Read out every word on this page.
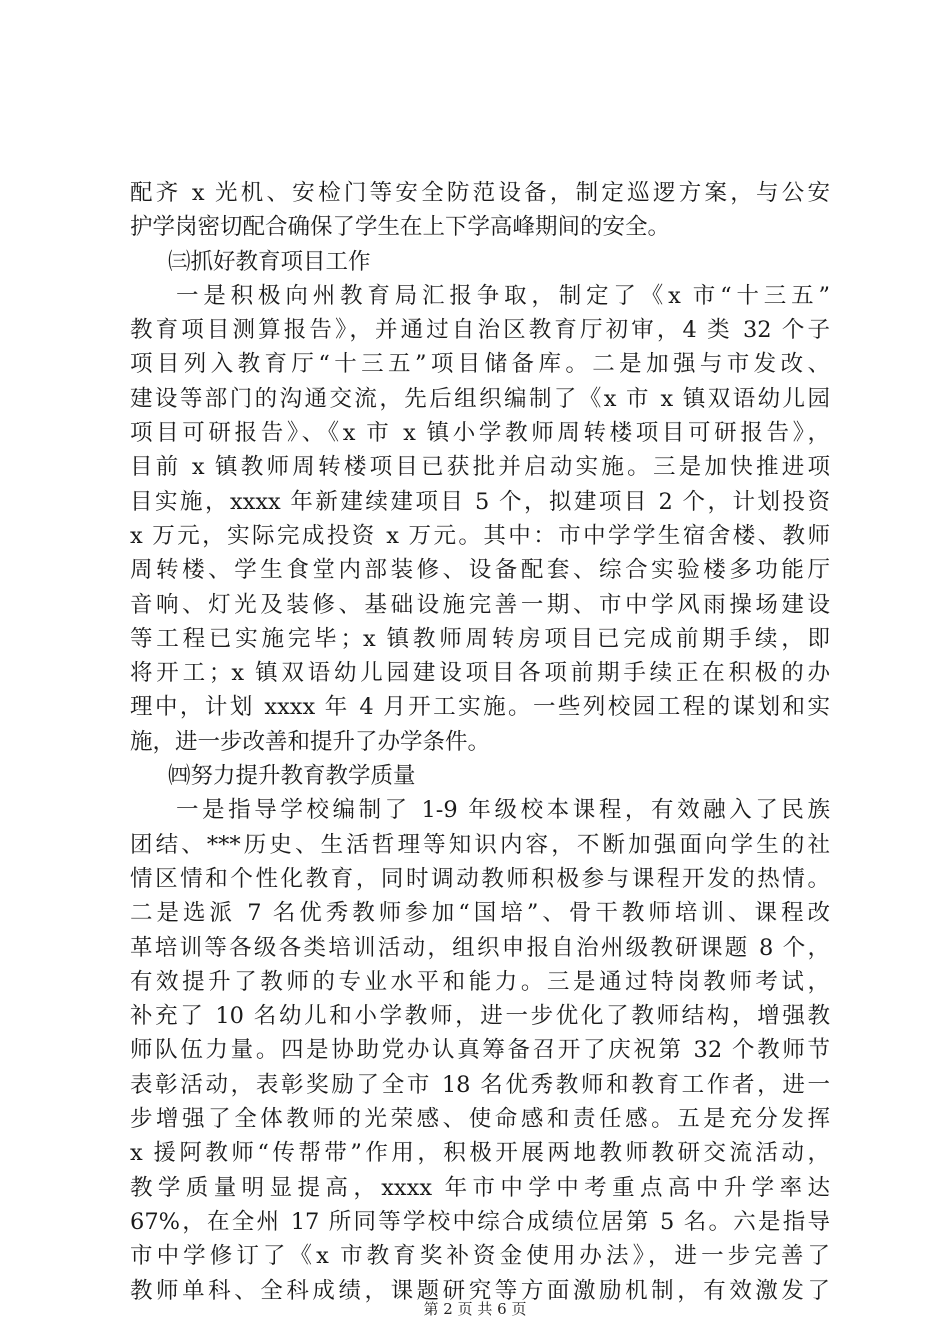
配齐 x 光机、安检门等安全防范设备，制定巡逻方案，与公安
护学岗密切配合确保了学生在上下学高峰期间的安全。
㈢抓好教育项目工作
一是积极向州教育局汇报争取，制定了《x 市“十三五”
教育项目测算报告》，并通过自治区教育厅初审，4 类 32 个子
项目列入教育厅“十三五”项目储备库。二是加强与市发改、
建设等部门的沟通交流，先后组织编制了《x 市 x 镇双语幼儿园
项目可研报告》、《x 市 x 镇小学教师周转楼项目可研报告》，
目前 x 镇教师周转楼项目已获批并启动实施。三是加快推进项
目实施，xxxx 年新建续建项目 5 个，拟建项目 2 个，计划投资
x 万元，实际完成投资 x 万元。其中：市中学学生宿舍楼、教师
周转楼、学生食堂内部装修、设备配套、综合实验楼多功能厅
音响、灯光及装修、基础设施完善一期、市中学风雨操场建设
等工程已实施完毕；x 镇教师周转房项目已完成前期手续，即
将开工；x 镇双语幼儿园建设项目各项前期手续正在积极的办
理中，计划 xxxx 年 4 月开工实施。一些列校园工程的谋划和实
施，进一步改善和提升了办学条件。
㈣努力提升教育教学质量
一是指导学校编制了 1-9 年级校本课程，有效融入了民族
团结、***历史、生活哲理等知识内容，不断加强面向学生的社
情区情和个性化教育，同时调动教师积极参与课程开发的热情。
二是选派 7 名优秀教师参加“国培”、骨干教师培训、课程改
革培训等各级各类培训活动，组织申报自治州级教研课题 8 个，
有效提升了教师的专业水平和能力。三是通过特岗教师考试，
补充了 10 名幼儿和小学教师，进一步优化了教师结构，增强教
师队伍力量。四是协助党办认真筹备召开了庆祝第 32 个教师节
表彰活动，表彰奖励了全市 18 名优秀教师和教育工作者，进一
步增强了全体教师的光荣感、使命感和责任感。五是充分发挥
x 援阿教师“传帮带”作用，积极开展两地教师教研交流活动，
教学质量明显提高，xxxx 年市中学中考重点高中升学率达
67%，在全州 17 所同等学校中综合成绩位居第 5 名。六是指导
市中学修订了《x 市教育奖补资金使用办法》，进一步完善了
教师单科、全科成绩，课题研究等方面激励机制，有效激发了
第 2 页 共 6 页
